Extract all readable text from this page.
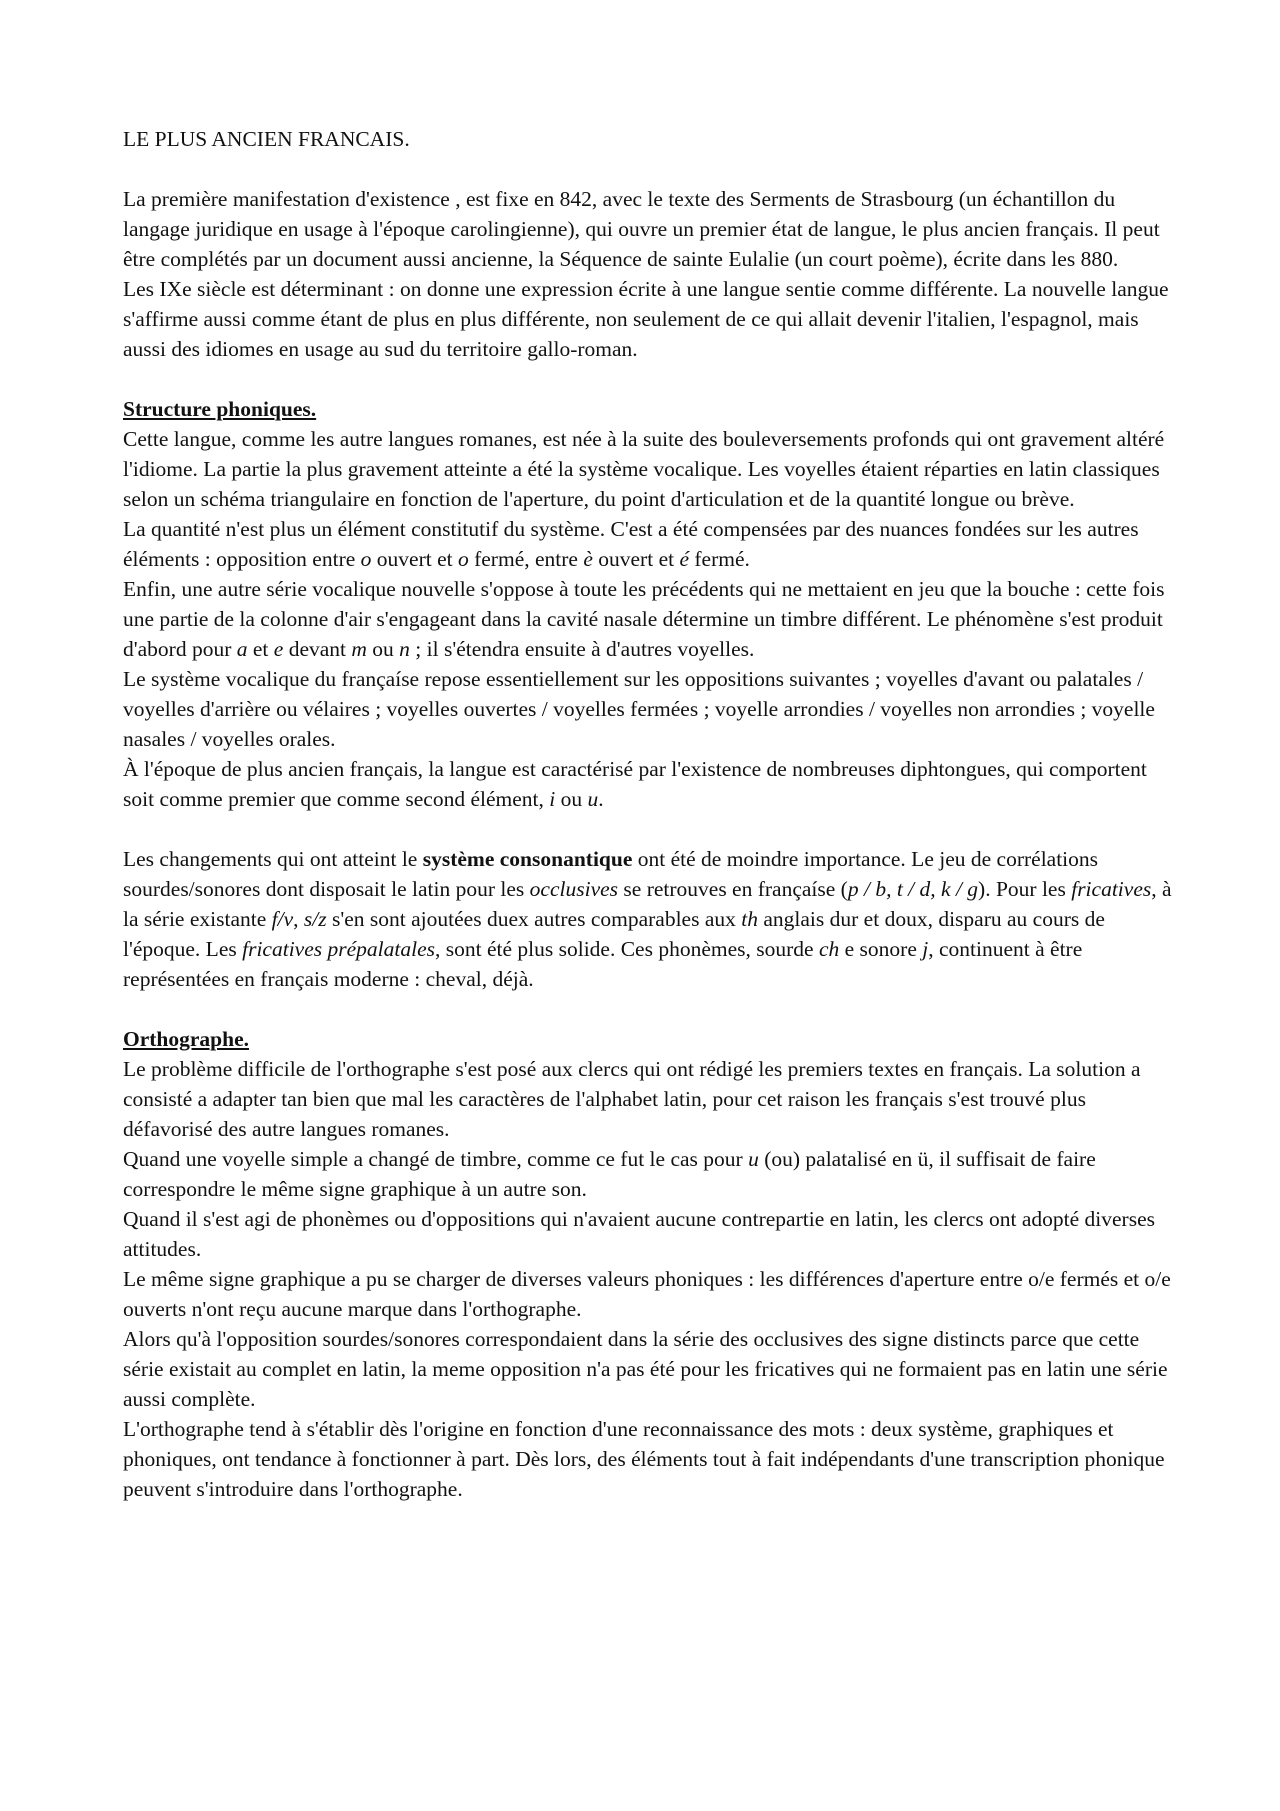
LE PLUS ANCIEN FRANCAIS.

La première manifestation d'existence , est fixe en 842, avec le texte des Serments de Strasbourg (un échantillon du langage juridique en usage à l'époque carolingienne), qui ouvre un premier état de langue, le plus ancien français. Il peut être complétés par un document aussi ancienne, la Séquence de sainte Eulalie (un court poème), écrite dans les 880.

Les IXe siècle est déterminant : on donne une expression écrite à une langue sentie comme différente. La nouvelle langue s'affirme aussi comme étant de plus en plus différente, non seulement de ce qui allait devenir l'italien, l'espagnol, mais aussi des idiomes en usage au sud du territoire gallo-roman.

Structure phoniques.

Cette langue, comme les autre langues romanes, est née à la suite des bouleversements profonds qui ont gravement altéré l'idiome. La partie la plus gravement atteinte a été la système vocalique. Les voyelles étaient réparties en latin classiques selon un schéma triangulaire en fonction de l'aperture, du point d'articulation et de la quantité longue ou brève.

La quantité n'est plus un élément constitutif du système. C'est a été compensées par des nuances fondées sur les autres éléments : opposition entre o ouvert et o fermé, entre è ouvert et é fermé.

Enfin, une autre série vocalique nouvelle s'oppose à toute les précédents qui ne mettaient en jeu que la bouche : cette fois une partie de la colonne d'air s'engageant dans la cavité nasale détermine un timbre différent. Le phénomène s'est produit d'abord pour a et e devant m ou n ; il s'étendra ensuite à d'autres voyelles.

Le système vocalique du françaíse repose essentiellement sur les oppositions suivantes ; voyelles d'avant ou palatales / voyelles d'arrière ou vélaires ; voyelles ouvertes / voyelles fermées ; voyelle arrondies / voyelles non arrondies ; voyelle nasales / voyelles orales.

À l'époque de plus ancien français, la langue est caractérisé par l'existence de nombreuses diphtongues, qui comportent soit comme premier que comme second élément, i ou u.

Les changements qui ont atteint le système consonantique ont été de moindre importance. Le jeu de corrélations sourdes/sonores dont disposait le latin pour les occlusives se retrouves en françaíse (p / b, t / d, k / g). Pour les fricatives, à la série existante f/v, s/z s'en sont ajoutées duex autres comparables aux th anglais dur et doux, disparu au cours de l'époque. Les fricatives prépalatales, sont été plus solide. Ces phonèmes, sourde ch e sonore j, continuent à être représentées en français moderne : cheval, déjà.

Orthographe.

Le problème difficile de l'orthographe s'est posé aux clercs qui ont rédigé les premiers textes en français. La solution a consisté a adapter tan bien que mal les caractères de l'alphabet latin, pour cet raison les français s'est trouvé plus défavorisé des autre langues romanes.

Quand une voyelle simple a changé de timbre, comme ce fut le cas pour u (ou) palatalisé en ü, il suffisait de faire correspondre le même signe graphique à un autre son.

Quand il s'est agi de phonèmes ou d'oppositions qui n'avaient aucune contrepartie en latin, les clercs ont adopté diverses attitudes.

Le même signe graphique a pu se charger de diverses valeurs phoniques : les différences d'aperture entre o/e fermés et o/e ouverts n'ont reçu aucune marque dans l'orthographe.

Alors qu'à l'opposition sourdes/sonores correspondaient dans la série des occlusives des signe distincts parce que cette série existait au complet en latin, la meme opposition n'a pas été pour les fricatives qui ne formaient pas en latin une série aussi complète.

L'orthographe tend à s'établir dès l'origine en fonction d'une reconnaissance des mots : deux système, graphiques et phoniques, ont tendance à fonctionner à part. Dès lors, des éléments tout à fait indépendants d'une transcription phonique peuvent s'introduire dans l'orthographe.
